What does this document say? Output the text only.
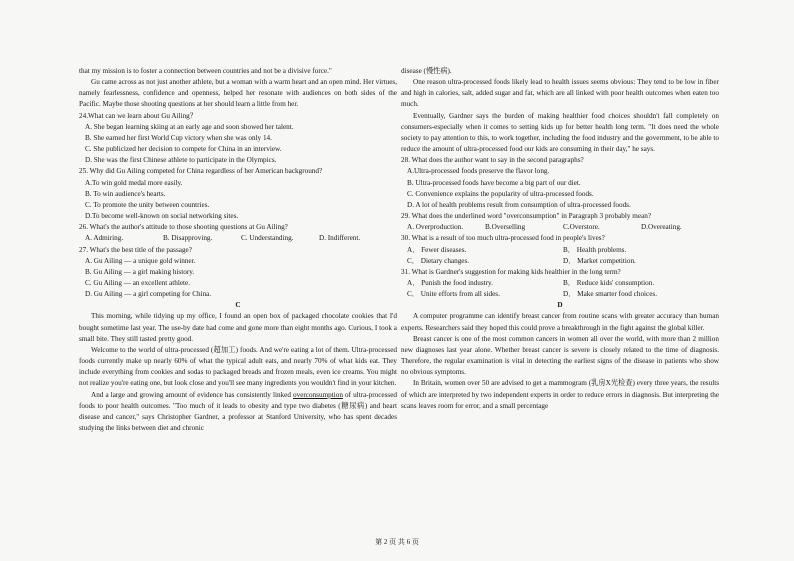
that my mission is to foster a connection between countries and not be a divisive force."

Gu came across as not just another athlete, but a woman with a warm heart and an open mind. Her virtues, namely fearlessness, confidence and openness, helped her resonate with audiences on both sides of the Pacific. Maybe those shooting questions at her should learn a little from her.

24.What can we learn about Gu Ailing？

A. She began learning skiing at an early age and soon showed her talent.

B. She earned her first World Cup victory when she was only 14.

C. She publicized her decision to compete for China in an interview.

D. She was the first Chinese athlete to participate in the Olympics.

25. Why did Gu Ailing competed for China regardless of her American background?

A.To win gold medal more easily.

B. To win audience's hearts.

C. To promote the unity between countries.

D.To become well-known on social networking sites.

26. What's the author's attitude to those shooting questions at Gu Ailing?

A. Admiring.	B. Disapproving.	C. Understanding.	D. Indifferent.

27. What's the best title of the passage?

A. Gu Ailing — a unique gold winner.

B. Gu Ailing — a girl making history.

C. Gu Ailing — an excellent athlete.

D. Gu Ailing — a girl competing for China.

C

This morning, while tidying up my office, I found an open box of packaged chocolate cookies that I'd bought sometime last year. The use-by date had come and gone more than eight months ago. Curious, I took a small bite. They still tasted pretty good.

Welcome to the world of ultra-processed (超加工) foods. And we're eating a lot of them. Ultra-processed foods currently make up nearly 60% of what the typical adult eats, and nearly 70% of what kids eat. They include everything from cookies and sodas to packaged breads and frozen meals, even ice creams. You might not realize you're eating one, but look close and you'll see many ingredients you wouldn't find in your kitchen.

And a large and growing amount of evidence has consistently linked overconsumption of ultra-processed foods to poor health outcomes. "Too much of it leads to obesity and type two diabetes (糖尿病) and heart disease and cancer," says Christopher Gardner, a professor at Stanford University, who has spent decades studying the links between diet and chronic

disease (慢性病).

One reason ultra-processed foods likely lead to health issues seems obvious: They tend to be low in fiber and high in calories, salt, added sugar and fat, which are all linked with poor health outcomes when eaten too much.

Eventually, Gardner says the burden of making healthier food choices shouldn't fall completely on consumers-especially when it comes to setting kids up for better health long term. "It does need the whole society to pay attention to this, to work together, including the food industry and the government, to be able to reduce the amount of ultra-processed food our kids are consuming in their day," he says.

28. What does the author want to say in the second paragraphs?

A.Ultra-processed foods preserve the flavor long.

B. Ultra-processed foods have become a big part of our diet.

C. Convenience explains the popularity of ultra-processed foods.

D. A lot of health problems result from consumption of ultra-processed foods.

29. What does the underlined word "overconsumption" in Paragraph 3 probably mean?

A. Overproduction.	B.Overselling	C.Overstore.	D.Overeating.

30. What is a result of too much ultra-processed food in people's lives?

A． Fewer diseases.	B． Health problems.
C． Dietary changes.	D． Market competition.

31. What is Gardner's suggestion for making kids healthier in the long term?

A． Punish the food industry.	B． Reduce kids' consumption.
C． Unite efforts from all sides.	D． Make smarter food choices.

D

A computer programme can identify breast cancer from routine scans with greater accuracy than human experts. Researchers said they hoped this could prove a breakthrough in the fight against the global killer.

Breast cancer is one of the most common cancers in women all over the world, with more than 2 million new diagnoses last year alone. Whether breast cancer is severe is closely related to the time of diagnosis. Therefore, the regular examination is vital in detecting the earliest signs of the disease in patients who show no obvious symptoms.

In Britain, women over 50 are advised to get a mammogram (乳房X光检查) every three years, the results of which are interpreted by two independent experts in order to reduce errors in diagnosis. But interpreting the scans leaves room for error, and a small percentage

第 2 页 共 6 页
